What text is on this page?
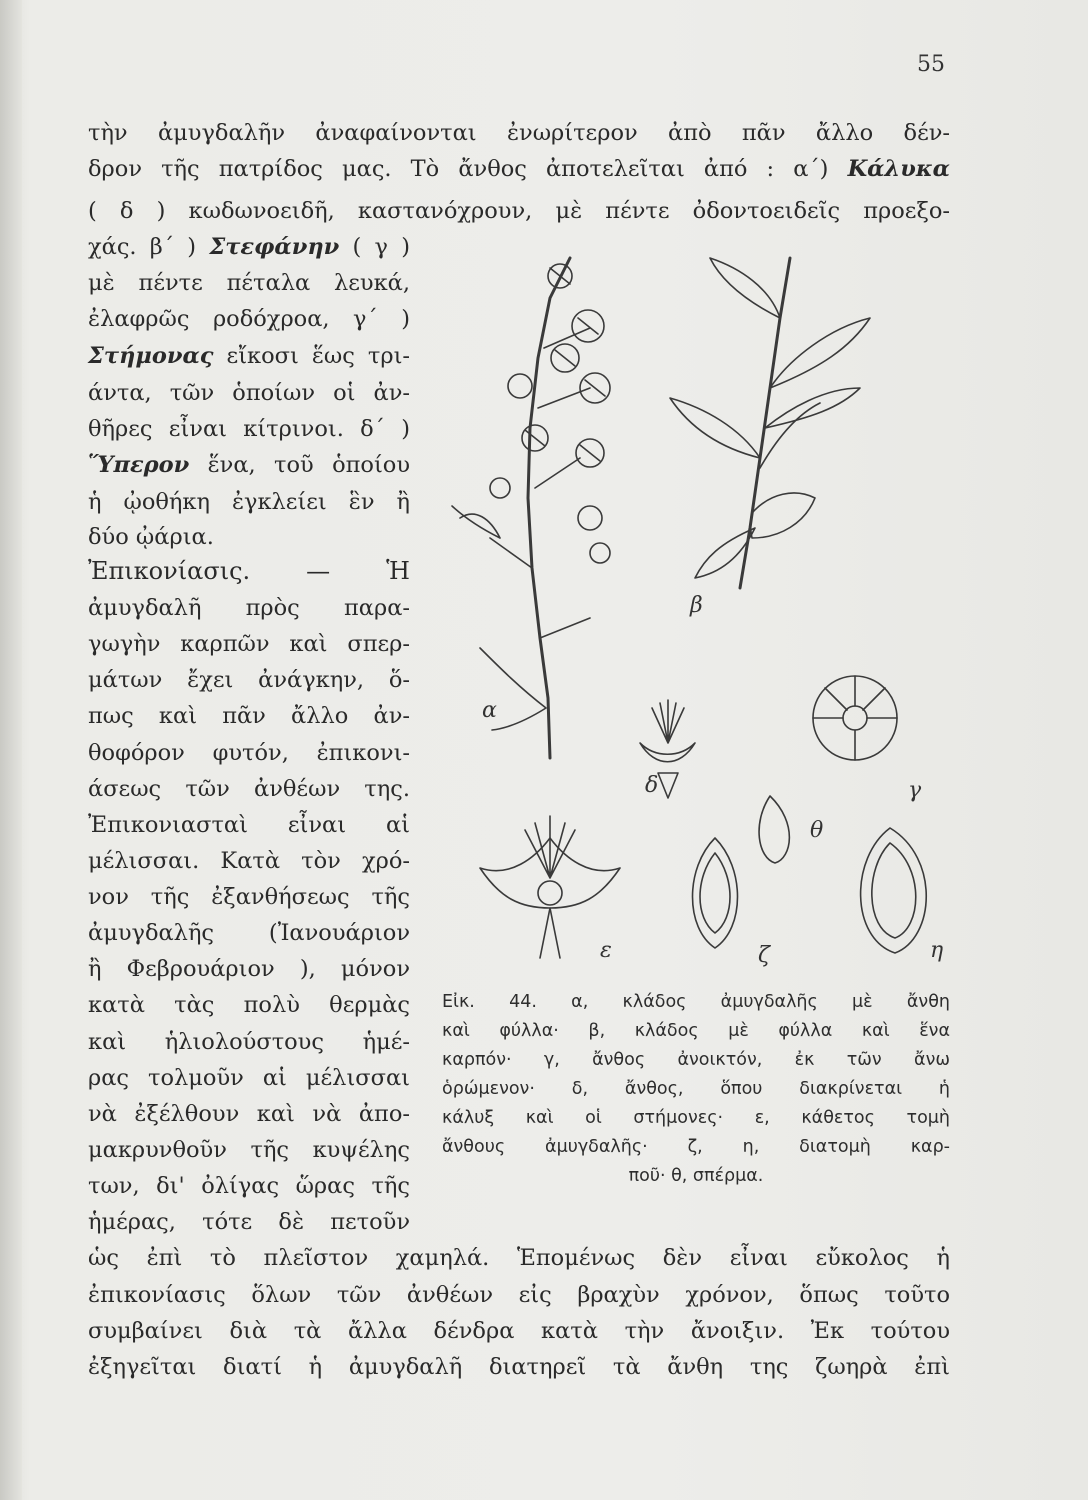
55
τὴν ἀμυγδαλῆν ἀναφαίνονται ἐνωρίτερον ἀπὸ πᾶν ἄλλο δέν-
δρον τῆς πατρίδος μας. Τὸ ἄνθος ἀποτελεῖται ἀπό : α΄) Κάλυκα
( δ ) κωδωνοειδῆ, καστανόχρουν, μὲ πέντε ὀδοντοειδεῖς προεξο-
χάς. β΄ ) Στεφάνην ( γ )
μὲ πέντε πέταλα λευκά,
ἐλαφρῶς ροδόχροα, γ΄ )
Στήμονας εἴκοσι ἕως τρι-
άντα, τῶν ὁποίων οἱ ἀν-
θῆρες εἶναι κίτρινοι. δ΄ )
Ὕπερον ἕνα, τοῦ ὁποίου
ἡ ᾠοθήκη ἐγκλείει ἓν ἢ
δύο ᾠάρια.
Ἐπικονίασις. — Ἡ
ἀμυγδαλῆ πρὸς παρα-
γωγὴν καρπῶν καὶ σπερ-
μάτων ἔχει ἀνάγκην, ὅ-
πως καὶ πᾶν ἄλλο ἀν-
θοφόρον φυτόν, ἐπικονι-
άσεως τῶν ἀνθέων της.
Ἐπικονιασταὶ εἶναι αἱ
μέλισσαι. Κατὰ τὸν χρό-
νον τῆς ἐξανθήσεως τῆς
ἀμυγδαλῆς (Ἰανουάριον
ἢ Φεβρουάριον ), μόνον
κατὰ τὰς πολὺ θερμὰς
καὶ ἡλιολούστους ἡμέ-
ρας τολμοῦν αἱ μέλισσαι
νὰ ἐξέλθουν καὶ νὰ ἀπο-
μακρυνθοῦν τῆς κυψέλης
των, δι' ὀλίγας ὥρας τῆς
ἡμέρας, τότε δὲ πετοῦν
ὡς ἐπὶ τὸ πλεῖστον χαμηλά. Ἑπομένως δὲν εἶναι εὔκολος ἡ
ἐπικονίασις ὅλων τῶν ἀνθέων εἰς βραχὺν χρόνον, ὅπως τοῦτο
συμβαίνει διὰ τὰ ἄλλα δένδρα κατὰ τὴν ἄνοιξιν. Ἐκ τούτου
ἐξηγεῖται διατί ἡ ἀμυγδαλῆ διατηρεῖ τὰ ἄνθη της ζωηρὰ ἐπὶ
α
β
γ
δ
ε	ζ	η
θ
Εἰκ. 44. α, κλάδος ἀμυγδαλῆς μὲ ἄνθη
καὶ φύλλα· β, κλάδος μὲ φύλλα καὶ ἕνα
καρπόν· γ, ἄνθος ἀνοικτόν, ἐκ τῶν ἄνω
ὁρώμενον· δ, ἄνθος, ὅπου διακρίνεται ἡ
κάλυξ καὶ οἱ στήμονες· ε, κάθετος τομὴ
ἄνθους ἀμυγδαλῆς· ζ, η, διατομὴ καρ-
ποῦ· θ, σπέρμα.
